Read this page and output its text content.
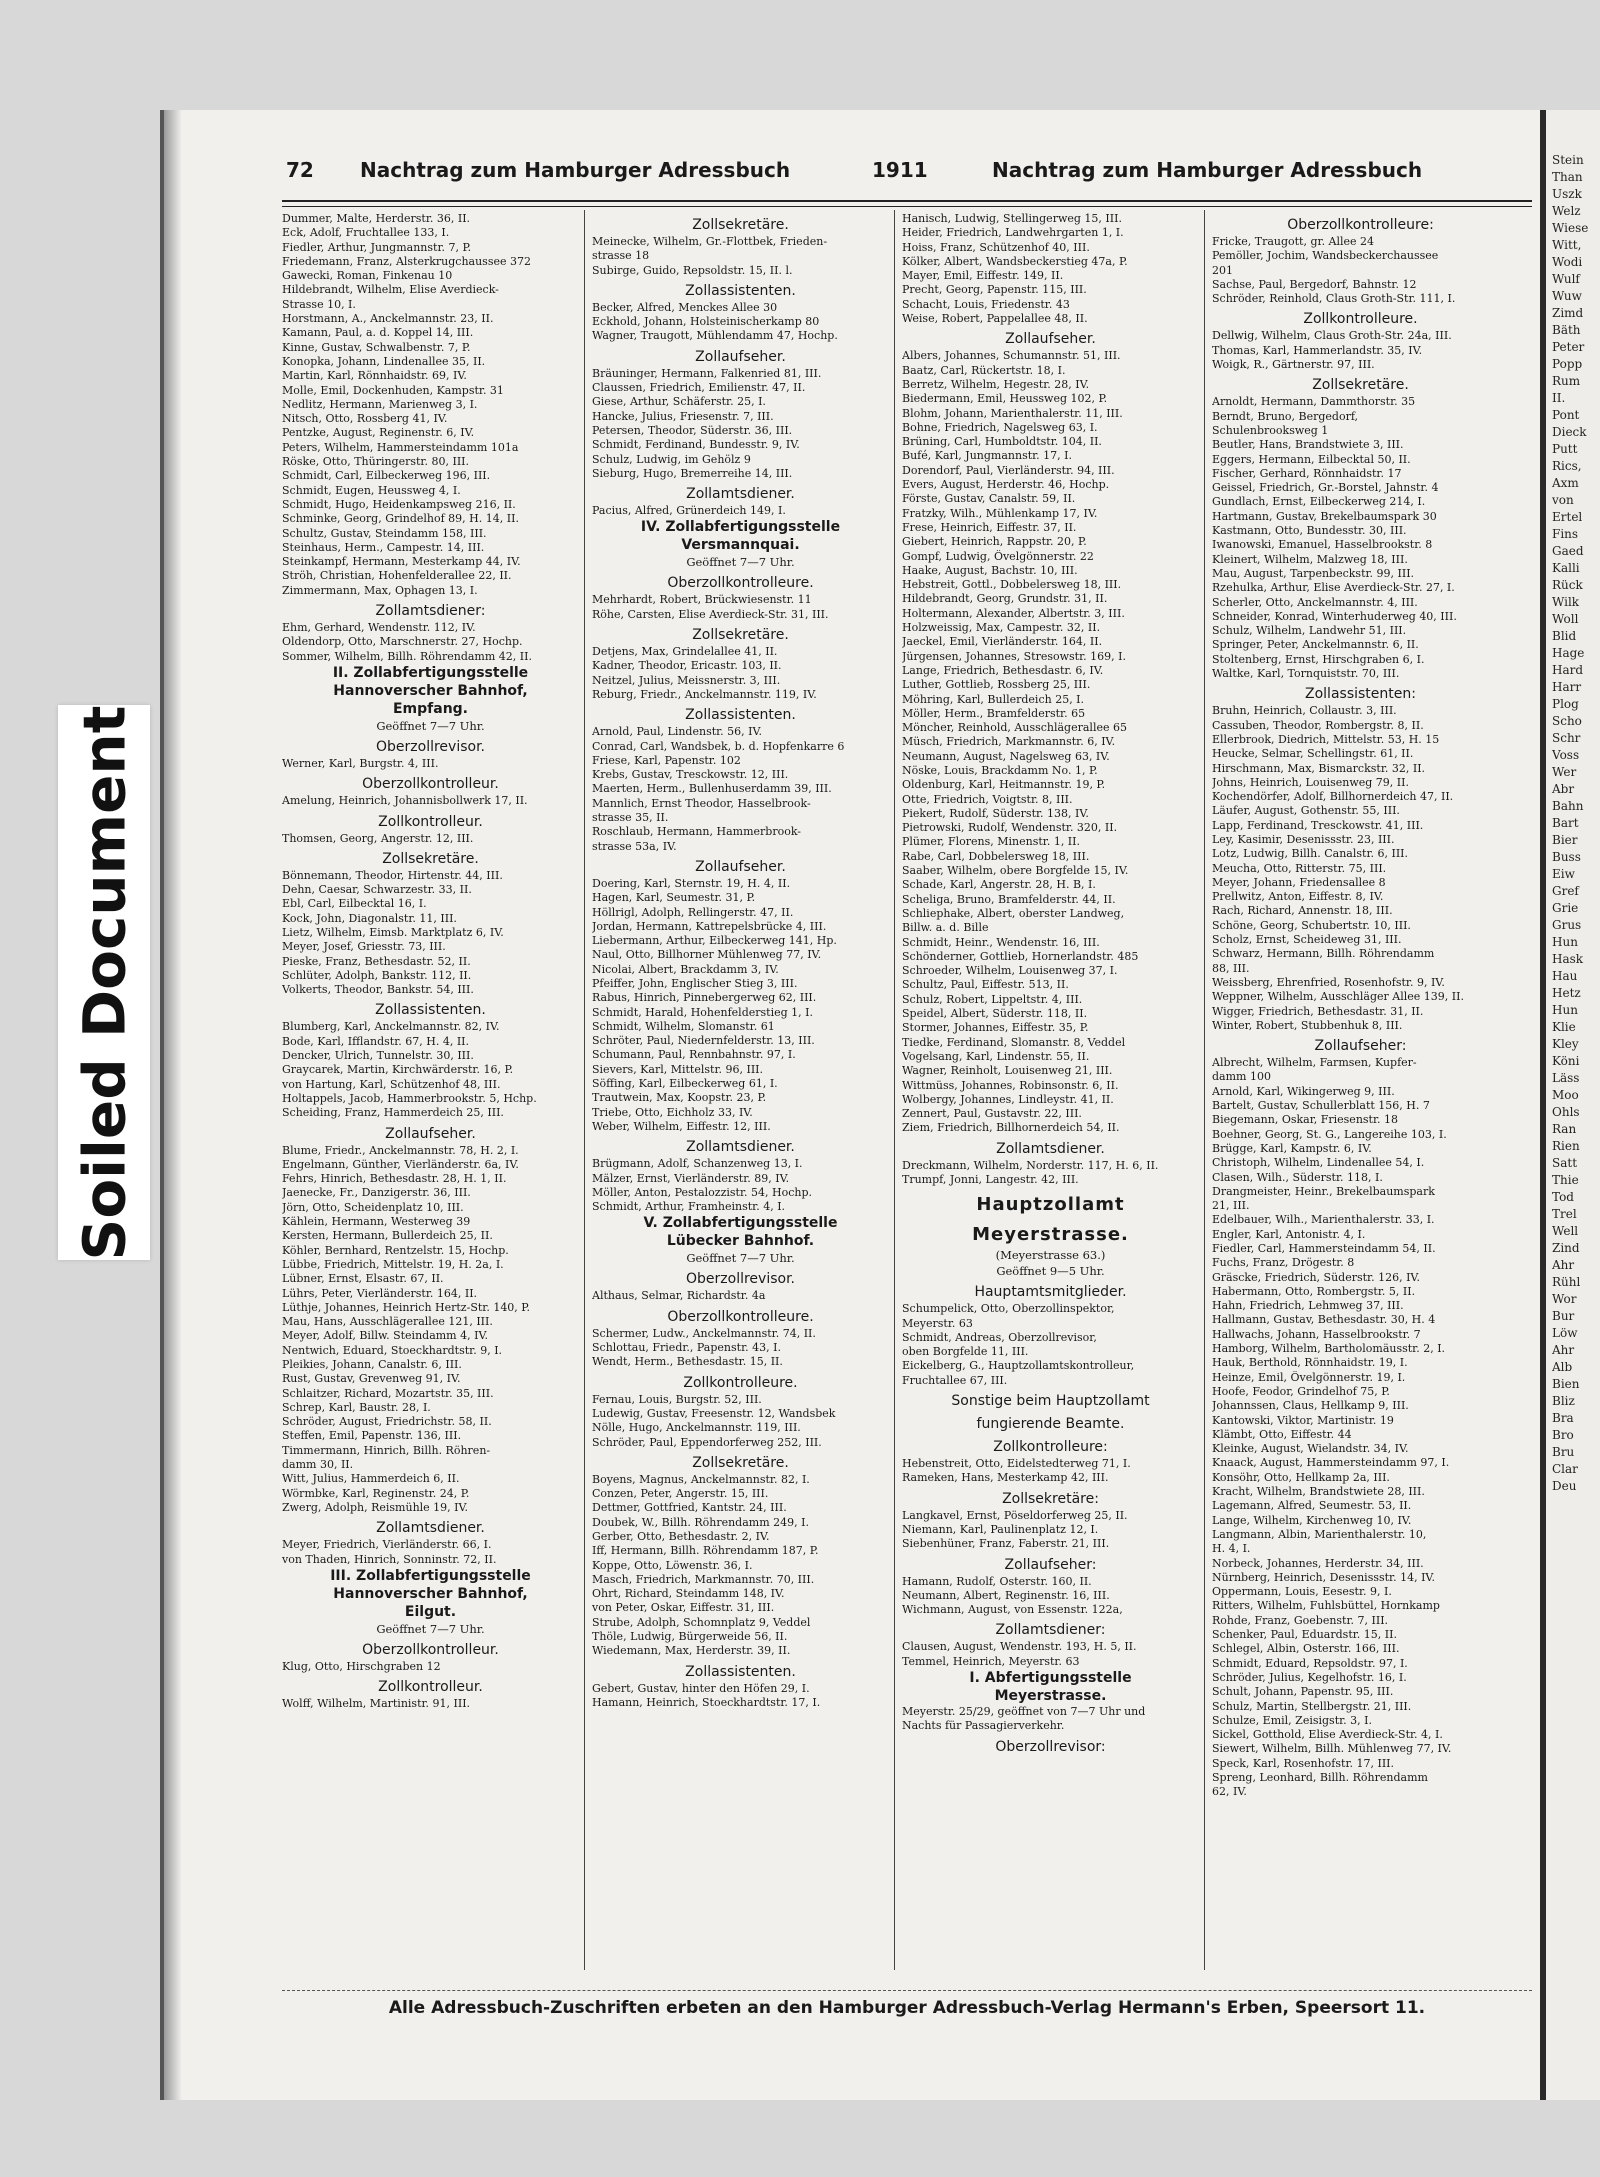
Soiled Document
72 Nachtrag zum Hamburger Adressbuch	1911	Nachtrag zum Hamburger Adressbuch
Dummer, Malte, Herderstr. 36, II.
Eck, Adolf, Fruchtallee 133, I.
Fiedler, Arthur, Jungmannstr. 7, P.
Friedemann, Franz, Alsterkrugchaussee 372
Gawecki, Roman, Finkenau 10
Hildebrandt, Wilhelm, Elise Averdieck-
Strasse 10, I.
Horstmann, A., Anckelmannstr. 23, II.
Kamann, Paul, a. d. Koppel 14, III.
Kinne, Gustav, Schwalbenstr. 7, P.
Konopka, Johann, Lindenallee 35, II.
Martin, Karl, Rönnhaidstr. 69, IV.
Molle, Emil, Dockenhuden, Kampstr. 31
Nedlitz, Hermann, Marienweg 3, I.
Nitsch, Otto, Rossberg 41, IV.
Pentzke, August, Reginenstr. 6, IV.
Peters, Wilhelm, Hammersteindamm 101a
Röske, Otto, Thüringerstr. 80, III.
Schmidt, Carl, Eilbeckerweg 196, III.
Schmidt, Eugen, Heussweg 4, I.
Schmidt, Hugo, Heidenkampsweg 216, II.
Schminke, Georg, Grindelhof 89, H. 14, II.
Schultz, Gustav, Steindamm 158, III.
Steinhaus, Herm., Campestr. 14, III.
Steinkampf, Hermann, Mesterkamp 44, IV.
Ströh, Christian, Hohenfelderallee 22, II.
Zimmermann, Max, Ophagen 13, I.
Zollamtsdiener:
Ehm, Gerhard, Wendenstr. 112, IV.
Oldendorp, Otto, Marschnerstr. 27, Hochp.
Sommer, Wilhelm, Billh. Röhrendamm 42, II.
II. Zollabfertigungsstelle
Hannoverscher Bahnhof,
Empfang.
Geöffnet 7—7 Uhr.
Oberzollrevisor.
Werner, Karl, Burgstr. 4, III.
Oberzollkontrolleur.
Amelung, Heinrich, Johannisbollwerk 17, II.
Zollkontrolleur.
Thomsen, Georg, Angerstr. 12, III.
Zollsekretäre.
Bönnemann, Theodor, Hirtenstr. 44, III.
Dehn, Caesar, Schwarzestr. 33, II.
Ebl, Carl, Eilbecktal 16, I.
Kock, John, Diagonalstr. 11, III.
Lietz, Wilhelm, Eimsb. Marktplatz 6, IV.
Meyer, Josef, Griesstr. 73, III.
Pieske, Franz, Bethesdastr. 52, II.
Schlüter, Adolph, Bankstr. 112, II.
Volkerts, Theodor, Bankstr. 54, III.
Zollassistenten.
Blumberg, Karl, Anckelmannstr. 82, IV.
Bode, Karl, Ifflandstr. 67, H. 4, II.
Dencker, Ulrich, Tunnelstr. 30, III.
Graycarek, Martin, Kirchwärderstr. 16, P.
von Hartung, Karl, Schützenhof 48, III.
Holtappels, Jacob, Hammerbrookstr. 5, Hchp.
Scheiding, Franz, Hammerdeich 25, III.
Zollaufseher.
Blume, Friedr., Anckelmannstr. 78, H. 2, I.
Engelmann, Günther, Vierländerstr. 6a, IV.
Fehrs, Hinrich, Bethesdastr. 28, H. 1, II.
Jaenecke, Fr., Danzigerstr. 36, III.
Jörn, Otto, Scheidenplatz 10, III.
Kählein, Hermann, Westerweg 39
Kersten, Hermann, Bullerdeich 25, II.
Köhler, Bernhard, Rentzelstr. 15, Hochp.
Lübbe, Friedrich, Mittelstr. 19, H. 2a, I.
Lübner, Ernst, Elsastr. 67, II.
Lührs, Peter, Vierländerstr. 164, II.
Lüthje, Johannes, Heinrich Hertz-Str. 140, P.
Mau, Hans, Ausschlägerallee 121, III.
Meyer, Adolf, Billw. Steindamm 4, IV.
Nentwich, Eduard, Stoeckhardtstr. 9, I.
Pleikies, Johann, Canalstr. 6, III.
Rust, Gustav, Grevenweg 91, IV.
Schlaitzer, Richard, Mozartstr. 35, III.
Schrep, Karl, Baustr. 28, I.
Schröder, August, Friedrichstr. 58, II.
Steffen, Emil, Papenstr. 136, III.
Timmermann, Hinrich, Billh. Röhren-
damm 30, II.
Witt, Julius, Hammerdeich 6, II.
Wörmbke, Karl, Reginenstr. 24, P.
Zwerg, Adolph, Reismühle 19, IV.
Zollamtsdiener.
Meyer, Friedrich, Vierländerstr. 66, I.
von Thaden, Hinrich, Sonninstr. 72, II.
III. Zollabfertigungsstelle
Hannoverscher Bahnhof,
Eilgut.
Geöffnet 7—7 Uhr.
Oberzollkontrolleur.
Klug, Otto, Hirschgraben 12
Zollkontrolleur.
Wolff, Wilhelm, Martinistr. 91, III.
Zollsekretäre.
Meinecke, Wilhelm, Gr.-Flottbek, Frieden-
strasse 18
Subirge, Guido, Repsoldstr. 15, II. l.
Zollassistenten.
Becker, Alfred, Menckes Allee 30
Eckhold, Johann, Holsteinischerkamp 80
Wagner, Traugott, Mühlendamm 47, Hochp.
Zollaufseher.
Bräuninger, Hermann, Falkenried 81, III.
Claussen, Friedrich, Emilienstr. 47, II.
Giese, Arthur, Schäferstr. 25, I.
Hancke, Julius, Friesenstr. 7, III.
Petersen, Theodor, Süderstr. 36, III.
Schmidt, Ferdinand, Bundesstr. 9, IV.
Schulz, Ludwig, im Gehölz 9
Sieburg, Hugo, Bremerreihe 14, III.
Zollamtsdiener.
Pacius, Alfred, Grünerdeich 149, I.
IV. Zollabfertigungsstelle
Versmannquai.
Geöffnet 7—7 Uhr.
Oberzollkontrolleure.
Mehrhardt, Robert, Brückwiesenstr. 11
Röhe, Carsten, Elise Averdieck-Str. 31, III.
Zollsekretäre.
Detjens, Max, Grindelallee 41, II.
Kadner, Theodor, Ericastr. 103, II.
Neitzel, Julius, Meissnerstr. 3, III.
Reburg, Friedr., Anckelmannstr. 119, IV.
Zollassistenten.
Arnold, Paul, Lindenstr. 56, IV.
Conrad, Carl, Wandsbek, b. d. Hopfenkarre 6
Friese, Karl, Papenstr. 102
Krebs, Gustav, Tresckowstr. 12, III.
Maerten, Herm., Bullenhuserdamm 39, III.
Mannlich, Ernst Theodor, Hasselbrook-
strasse 35, II.
Roschlaub, Hermann, Hammerbrook-
strasse 53a, IV.
Zollaufseher.
Doering, Karl, Sternstr. 19, H. 4, II.
Hagen, Karl, Seumestr. 31, P.
Höllrigl, Adolph, Rellingerstr. 47, II.
Jordan, Hermann, Kattrepelsbrücke 4, III.
Liebermann, Arthur, Eilbeckerweg 141, Hp.
Naul, Otto, Billhorner Mühlenweg 77, IV.
Nicolai, Albert, Brackdamm 3, IV.
Pfeiffer, John, Englischer Stieg 3, III.
Rabus, Hinrich, Pinnebergerweg 62, III.
Schmidt, Harald, Hohenfelderstieg 1, I.
Schmidt, Wilhelm, Slomanstr. 61
Schröter, Paul, Niedernfelderstr. 13, III.
Schumann, Paul, Rennbahnstr. 97, I.
Sievers, Karl, Mittelstr. 96, III.
Söffing, Karl, Eilbeckerweg 61, I.
Trautwein, Max, Koopstr. 23, P.
Triebe, Otto, Eichholz 33, IV.
Weber, Wilhelm, Eiffestr. 12, III.
Zollamtsdiener.
Brügmann, Adolf, Schanzenweg 13, I.
Mälzer, Ernst, Vierländerstr. 89, IV.
Möller, Anton, Pestalozzistr. 54, Hochp.
Schmidt, Arthur, Framheinstr. 4, I.
V. Zollabfertigungsstelle
Lübecker Bahnhof.
Geöffnet 7—7 Uhr.
Oberzollrevisor.
Althaus, Selmar, Richardstr. 4a
Oberzollkontrolleure.
Schermer, Ludw., Anckelmannstr. 74, II.
Schlottau, Friedr., Papenstr. 43, I.
Wendt, Herm., Bethesdastr. 15, II.
Zollkontrolleure.
Fernau, Louis, Burgstr. 52, III.
Ludewig, Gustav, Freesenstr. 12, Wandsbek
Nölle, Hugo, Anckelmannstr. 119, III.
Schröder, Paul, Eppendorferweg 252, III.
Zollsekretäre.
Boyens, Magnus, Anckelmannstr. 82, I.
Conzen, Peter, Angerstr. 15, III.
Dettmer, Gottfried, Kantstr. 24, III.
Doubek, W., Billh. Röhrendamm 249, I.
Gerber, Otto, Bethesdastr. 2, IV.
Iff, Hermann, Billh. Röhrendamm 187, P.
Koppe, Otto, Löwenstr. 36, I.
Masch, Friedrich, Markmannstr. 70, III.
Ohrt, Richard, Steindamm 148, IV.
von Peter, Oskar, Eiffestr. 31, III.
Strube, Adolph, Schomnplatz 9, Veddel
Thöle, Ludwig, Bürgerweide 56, II.
Wiedemann, Max, Herderstr. 39, II.
Zollassistenten.
Gebert, Gustav, hinter den Höfen 29, I.
Hamann, Heinrich, Stoeckhardtstr. 17, I.
Hanisch, Ludwig, Stellingerweg 15, III.
Heider, Friedrich, Landwehrgarten 1, I.
Hoiss, Franz, Schützenhof 40, III.
Kölker, Albert, Wandsbeckerstieg 47a, P.
Mayer, Emil, Eiffestr. 149, II.
Precht, Georg, Papenstr. 115, III.
Schacht, Louis, Friedenstr. 43
Weise, Robert, Pappelallee 48, II.
Zollaufseher.
Albers, Johannes, Schumannstr. 51, III.
Baatz, Carl, Rückertstr. 18, I.
Berretz, Wilhelm, Hegestr. 28, IV.
Biedermann, Emil, Heussweg 102, P.
Blohm, Johann, Marienthalerstr. 11, III.
Bohne, Friedrich, Nagelsweg 63, I.
Brüning, Carl, Humboldtstr. 104, II.
Bufé, Karl, Jungmannstr. 17, I.
Dorendorf, Paul, Vierländerstr. 94, III.
Evers, August, Herderstr. 46, Hochp.
Förste, Gustav, Canalstr. 59, II.
Fratzky, Wilh., Mühlenkamp 17, IV.
Frese, Heinrich, Eiffestr. 37, II.
Giebert, Heinrich, Rappstr. 20, P.
Gompf, Ludwig, Övelgönnerstr. 22
Haake, August, Bachstr. 10, III.
Hebstreit, Gottl., Dobbelersweg 18, III.
Hildebrandt, Georg, Grundstr. 31, II.
Holtermann, Alexander, Albertstr. 3, III.
Holzweissig, Max, Campestr. 32, II.
Jaeckel, Emil, Vierländerstr. 164, II.
Jürgensen, Johannes, Stresowstr. 169, I.
Lange, Friedrich, Bethesdastr. 6, IV.
Luther, Gottlieb, Rossberg 25, III.
Möhring, Karl, Bullerdeich 25, I.
Möller, Herm., Bramfelderstr. 65
Möncher, Reinhold, Ausschlägerallee 65
Müsch, Friedrich, Markmannstr. 6, IV.
Neumann, August, Nagelsweg 63, IV.
Nöske, Louis, Brackdamm No. 1, P.
Oldenburg, Karl, Heitmannstr. 19, P.
Otte, Friedrich, Voigtstr. 8, III.
Piekert, Rudolf, Süderstr. 138, IV.
Pietrowski, Rudolf, Wendenstr. 320, II.
Plümer, Florens, Minenstr. 1, II.
Rabe, Carl, Dobbelersweg 18, III.
Saaber, Wilhelm, obere Borgfelde 15, IV.
Schade, Karl, Angerstr. 28, H. B, I.
Scheliga, Bruno, Bramfelderstr. 44, II.
Schliephake, Albert, oberster Landweg,
Billw. a. d. Bille
Schmidt, Heinr., Wendenstr. 16, III.
Schönderner, Gottlieb, Hornerlandstr. 485
Schroeder, Wilhelm, Louisenweg 37, I.
Schultz, Paul, Eiffestr. 513, II.
Schulz, Robert, Lippeltstr. 4, III.
Speidel, Albert, Süderstr. 118, II.
Stormer, Johannes, Eiffestr. 35, P.
Tiedke, Ferdinand, Slomanstr. 8, Veddel
Vogelsang, Karl, Lindenstr. 55, II.
Wagner, Reinholt, Louisenweg 21, III.
Wittmüss, Johannes, Robinsonstr. 6, II.
Wolbergy, Johannes, Lindleystr. 41, II.
Zennert, Paul, Gustavstr. 22, III.
Ziem, Friedrich, Billhornerdeich 54, II.
Zollamtsdiener.
Dreckmann, Wilhelm, Norderstr. 117, H. 6, II.
Trumpf, Jonni, Langestr. 42, III.
Hauptzollamt
Meyerstrasse.
(Meyerstrasse 63.)
Geöffnet 9—5 Uhr.
Hauptamtsmitglieder.
Schumpelick, Otto, Oberzollinspektor,
Meyerstr. 63
Schmidt, Andreas, Oberzollrevisor,
oben Borgfelde 11, III.
Eickelberg, G., Hauptzollamtskontrolleur,
Fruchtallee 67, III.
Sonstige beim Hauptzollamt
fungierende Beamte.
Zollkontrolleure:
Hebenstreit, Otto, Eidelstedterweg 71, I.
Rameken, Hans, Mesterkamp 42, III.
Zollsekretäre:
Langkavel, Ernst, Pöseldorferweg 25, II.
Niemann, Karl, Paulinenplatz 12, I.
Siebenhüner, Franz, Faberstr. 21, III.
Zollaufseher:
Hamann, Rudolf, Osterstr. 160, II.
Neumann, Albert, Reginenstr. 16, III.
Wichmann, August, von Essenstr. 122a,
Zollamtsdiener:
Clausen, August, Wendenstr. 193, H. 5, II.
Temmel, Heinrich, Meyerstr. 63
I. Abfertigungsstelle
Meyerstrasse.
Meyerstr. 25/29, geöffnet von 7—7 Uhr und
Nachts für Passagierverkehr.
Oberzollrevisor:
Oberzollkontrolleure:
Fricke, Traugott, gr. Allee 24
Pemöller, Jochim, Wandsbeckerchaussee
201
Sachse, Paul, Bergedorf, Bahnstr. 12
Schröder, Reinhold, Claus Groth-Str. 111, I.
Zollkontrolleure.
Dellwig, Wilhelm, Claus Groth-Str. 24a, III.
Thomas, Karl, Hammerlandstr. 35, IV.
Woigk, R., Gärtnerstr. 97, III.
Zollsekretäre.
Arnoldt, Hermann, Dammthorstr. 35
Berndt, Bruno, Bergedorf,
Schulenbrooksweg 1
Beutler, Hans, Brandstwiete 3, III.
Eggers, Hermann, Eilbecktal 50, II.
Fischer, Gerhard, Rönnhaidstr. 17
Geissel, Friedrich, Gr.-Borstel, Jahnstr. 4
Gundlach, Ernst, Eilbeckerweg 214, I.
Hartmann, Gustav, Brekelbaumspark 30
Kastmann, Otto, Bundesstr. 30, III.
Iwanowski, Emanuel, Hasselbrookstr. 8
Kleinert, Wilhelm, Malzweg 18, III.
Mau, August, Tarpenbeckstr. 99, III.
Rzehulka, Arthur, Elise Averdieck-Str. 27, I.
Scherler, Otto, Anckelmannstr. 4, III.
Schneider, Konrad, Winterhuderweg 40, III.
Schulz, Wilhelm, Landwehr 51, III.
Springer, Peter, Anckelmannstr. 6, II.
Stoltenberg, Ernst, Hirschgraben 6, I.
Waltke, Karl, Tornquiststr. 70, III.
Zollassistenten:
Bruhn, Heinrich, Collaustr. 3, III.
Cassuben, Theodor, Rombergstr. 8, II.
Ellerbrook, Diedrich, Mittelstr. 53, H. 15
Heucke, Selmar, Schellingstr. 61, II.
Hirschmann, Max, Bismarckstr. 32, II.
Johns, Heinrich, Louisenweg 79, II.
Kochendörfer, Adolf, Billhornerdeich 47, II.
Läufer, August, Gothenstr. 55, III.
Lapp, Ferdinand, Tresckowstr. 41, III.
Ley, Kasimir, Desenissstr. 23, III.
Lotz, Ludwig, Billh. Canalstr. 6, III.
Meucha, Otto, Ritterstr. 75, III.
Meyer, Johann, Friedensallee 8
Prellwitz, Anton, Eiffestr. 8, IV.
Rach, Richard, Annenstr. 18, III.
Schöne, Georg, Schubertstr. 10, III.
Scholz, Ernst, Scheideweg 31, III.
Schwarz, Hermann, Billh. Röhrendamm
88, III.
Weissberg, Ehrenfried, Rosenhofstr. 9, IV.
Weppner, Wilhelm, Ausschläger Allee 139, II.
Wigger, Friedrich, Bethesdastr. 31, II.
Winter, Robert, Stubbenhuk 8, III.
Zollaufseher:
Albrecht, Wilhelm, Farmsen, Kupfer-
damm 100
Arnold, Karl, Wikingerweg 9, III.
Bartelt, Gustav, Schullerblatt 156, H. 7
Biegemann, Oskar, Friesenstr. 18
Boehner, Georg, St. G., Langereihe 103, I.
Brügge, Karl, Kampstr. 6, IV.
Christoph, Wilhelm, Lindenallee 54, I.
Clasen, Wilh., Süderstr. 118, I.
Drangmeister, Heinr., Brekelbaumspark
21, III.
Edelbauer, Wilh., Marienthalerstr. 33, I.
Engler, Karl, Antonistr. 4, I.
Fiedler, Carl, Hammersteindamm 54, II.
Fuchs, Franz, Drögestr. 8
Gräscke, Friedrich, Süderstr. 126, IV.
Habermann, Otto, Rombergstr. 5, II.
Hahn, Friedrich, Lehmweg 37, III.
Hallmann, Gustav, Bethesdastr. 30, H. 4
Hallwachs, Johann, Hasselbrookstr. 7
Hamborg, Wilhelm, Bartholomäusstr. 2, I.
Hauk, Berthold, Rönnhaidstr. 19, I.
Heinze, Emil, Övelgönnerstr. 19, I.
Hoofe, Feodor, Grindelhof 75, P.
Johannssen, Claus, Hellkamp 9, III.
Kantowski, Viktor, Martinistr. 19
Klämbt, Otto, Eiffestr. 44
Kleinke, August, Wielandstr. 34, IV.
Knaack, August, Hammersteindamm 97, I.
Konsöhr, Otto, Hellkamp 2a, III.
Kracht, Wilhelm, Brandstwiete 28, III.
Lagemann, Alfred, Seumestr. 53, II.
Lange, Wilhelm, Kirchenweg 10, IV.
Langmann, Albin, Marienthalerstr. 10,
H. 4, I.
Norbeck, Johannes, Herderstr. 34, III.
Nürnberg, Heinrich, Desenissstr. 14, IV.
Oppermann, Louis, Eesestr. 9, I.
Ritters, Wilhelm, Fuhlsbüttel, Hornkamp
Rohde, Franz, Goebenstr. 7, III.
Schenker, Paul, Eduardstr. 15, II.
Schlegel, Albin, Osterstr. 166, III.
Schmidt, Eduard, Repsoldstr. 97, I.
Schröder, Julius, Kegelhofstr. 16, I.
Schult, Johann, Papenstr. 95, III.
Schulz, Martin, Stellbergstr. 21, III.
Schulze, Emil, Zeisigstr. 3, I.
Sickel, Gotthold, Elise Averdieck-Str. 4, I.
Siewert, Wilhelm, Billh. Mühlenweg 77, IV.
Speck, Karl, Rosenhofstr. 17, III.
Spreng, Leonhard, Billh. Röhrendamm
62, IV.
Alle Adressbuch-Zuschriften erbeten an den Hamburger Adressbuch-Verlag Hermann's Erben, Speersort 11.
Stein
Than
Uszk
Welz
Wiese
Witt,
Wodi
Wulf
Wuw
Zimd
Bäth
Peter
Popp
Rum
II.
Pont
Dieck
Putt
Rics,
Axm
von
Ertel
Fins
Gaed
Kalli
Rück
Wilk
Woll
Blid
Hage
Hard
Harr
Plog
Scho
Schr
Voss
Wer
Abr
Bahn
Bart
Bier
Buss
Eiw
Gref
Grie
Grus
Hun
Hask
Hau
Hetz
Hun
Klie
Kley
Köni
Läss
Moo
Ohls
Ran
Rien
Satt
Thie
Tod
Trel
Well
Zind
Ahr
Rühl
Wor
Bur
Löw
Ahr
Alb
Bien
Bliz
Bra
Bro
Bru
Clar
Deu
